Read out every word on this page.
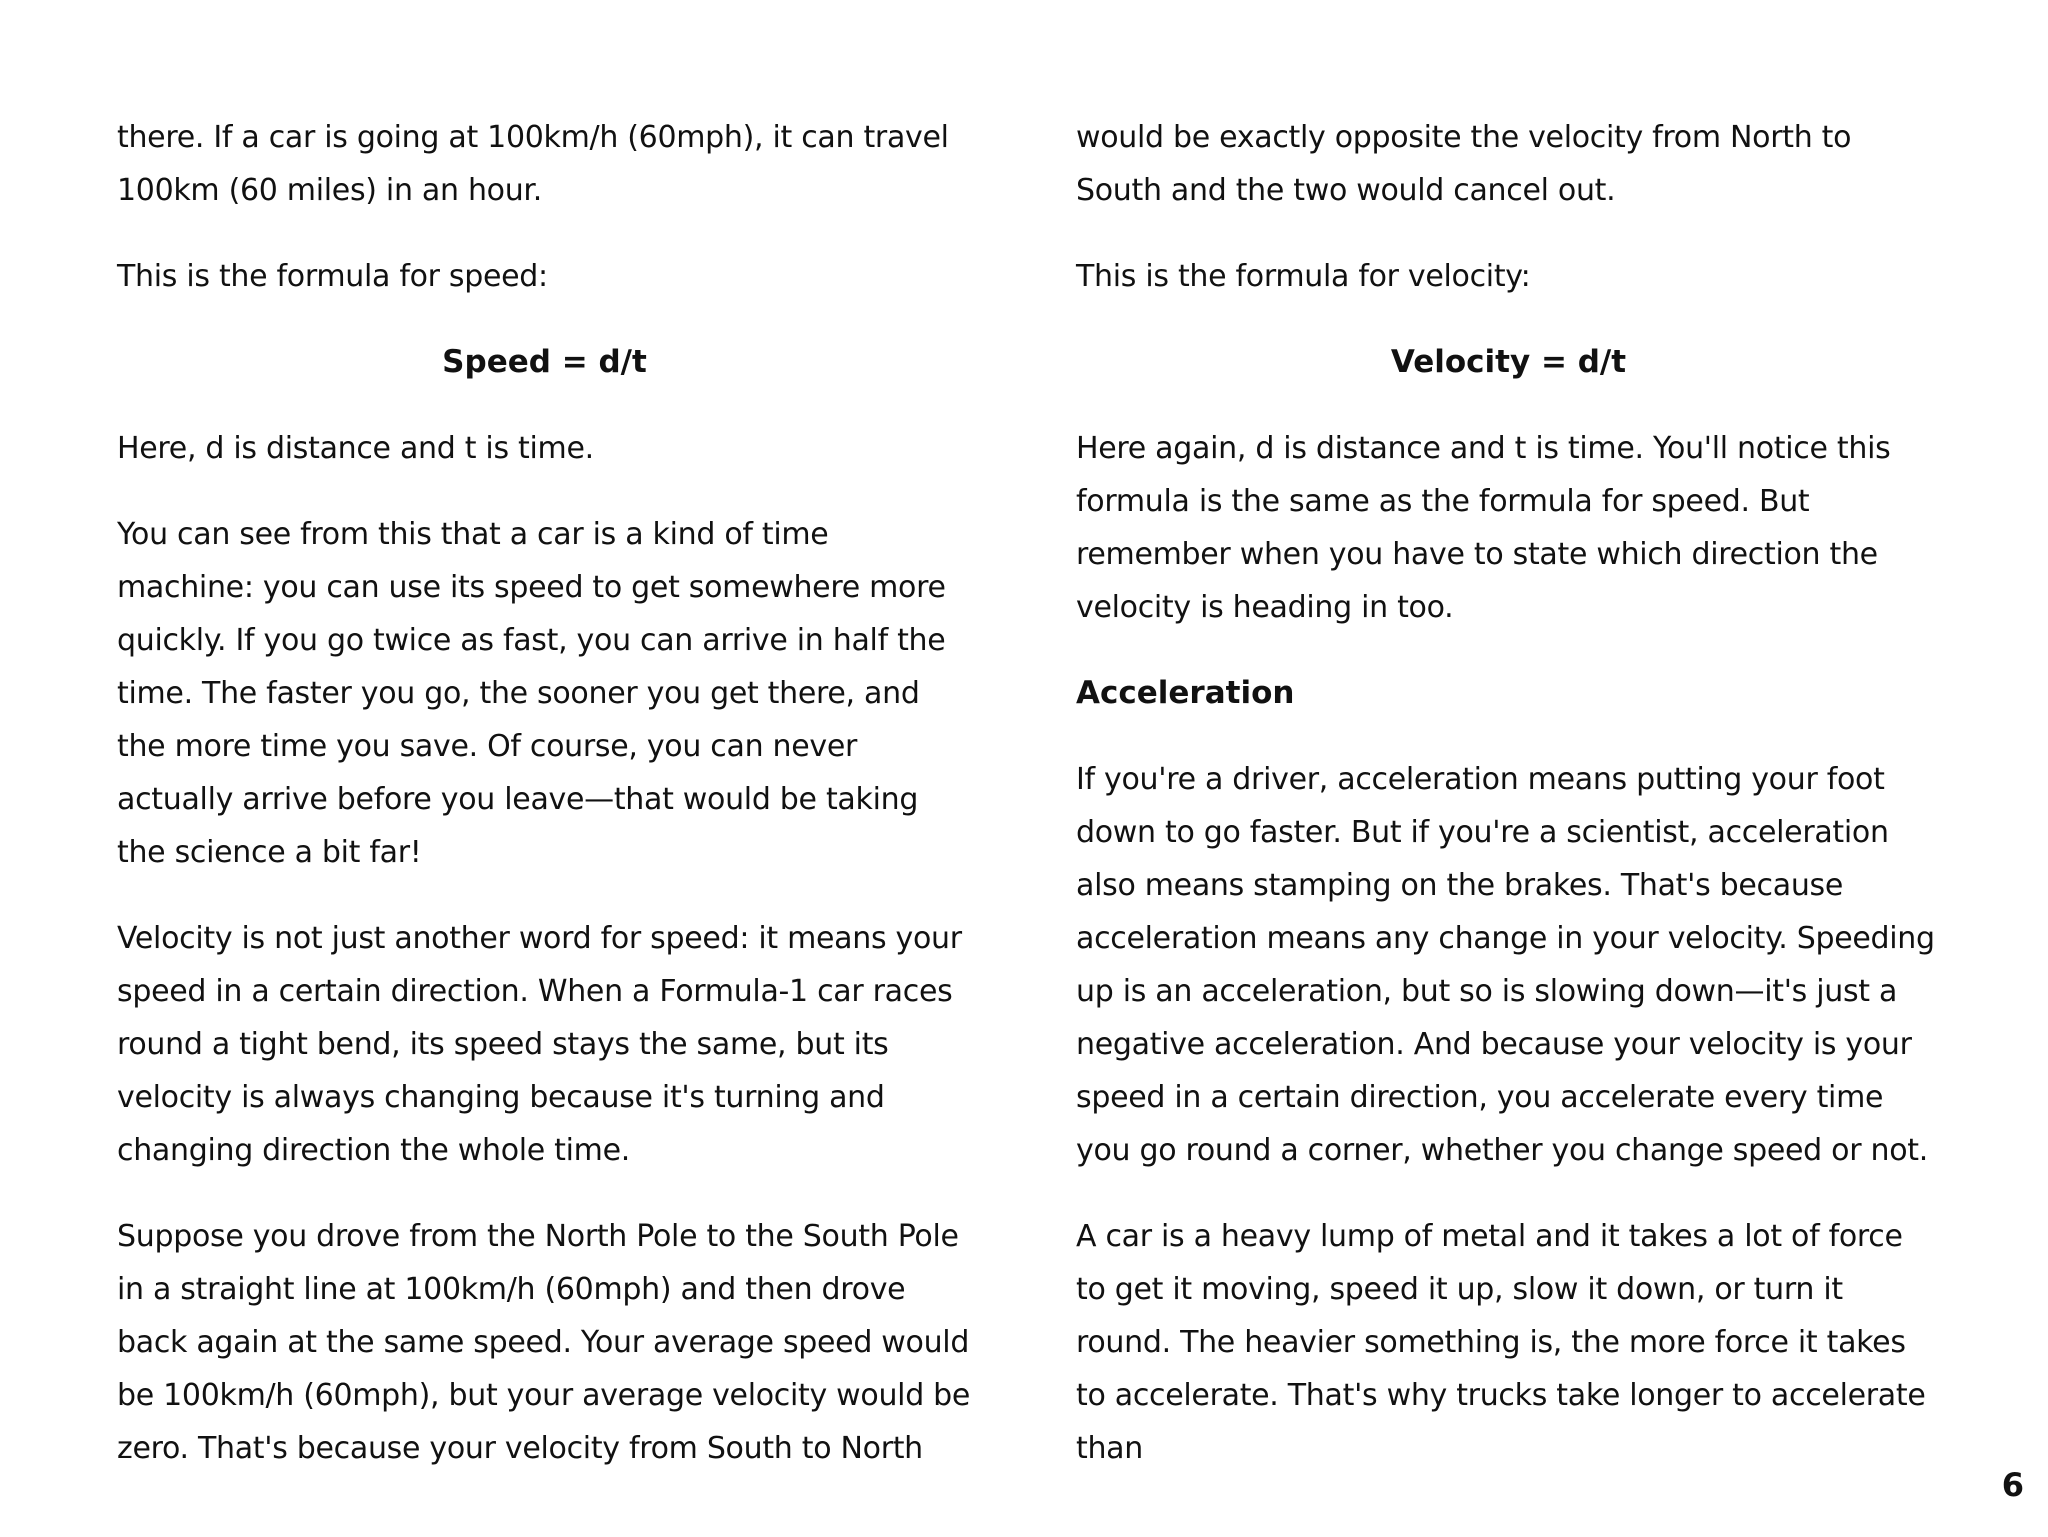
there. If a car is going at 100km/h (60mph), it can travel 100km (60 miles) in an hour.

This is the formula for speed:

Speed = d/t

Here, d is distance and t is time.

You can see from this that a car is a kind of time machine: you can use its speed to get somewhere more quickly. If you go twice as fast, you can arrive in half the time. The faster you go, the sooner you get there, and the more time you save. Of course, you can never actually arrive before you leave—that would be taking the science a bit far!

Velocity is not just another word for speed: it means your speed in a certain direction. When a Formula-1 car races round a tight bend, its speed stays the same, but its velocity is always changing because it's turning and changing direction the whole time.

Suppose you drove from the North Pole to the South Pole in a straight line at 100km/h (60mph) and then drove back again at the same speed. Your average speed would be 100km/h (60mph), but your average velocity would be zero. That's because your velocity from South to North

would be exactly opposite the velocity from North to South and the two would cancel out.

This is the formula for velocity:

Velocity = d/t

Here again, d is distance and t is time. You'll notice this formula is the same as the formula for speed. But remember when you have to state which direction the velocity is heading in too.

Acceleration

If you're a driver, acceleration means putting your foot down to go faster. But if you're a scientist, acceleration also means stamping on the brakes. That's because acceleration means any change in your velocity. Speeding up is an acceleration, but so is slowing down—it's just a negative acceleration. And because your velocity is your speed in a certain direction, you accelerate every time you go round a corner, whether you change speed or not.

A car is a heavy lump of metal and it takes a lot of force to get it moving, speed it up, slow it down, or turn it round. The heavier something is, the more force it takes to accelerate. That's why trucks take longer to accelerate than

6
